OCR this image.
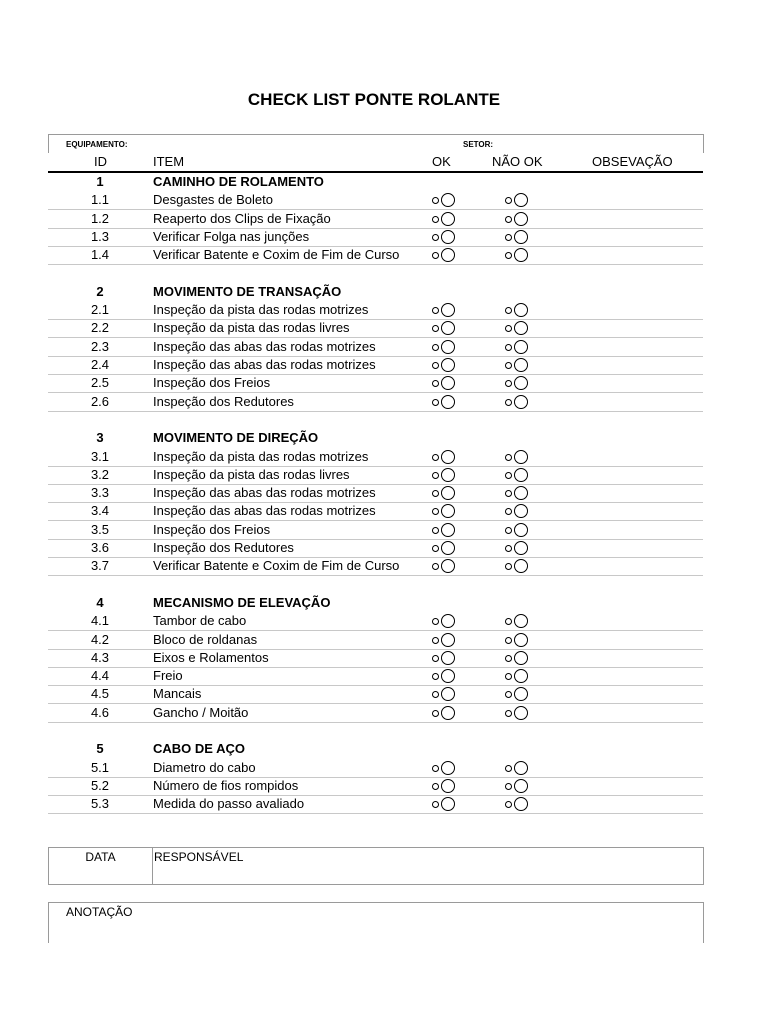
CHECK LIST PONTE ROLANTE
EQUIPAMENTO:	SETOR:
ID	ITEM	OK	NÃO OK	OBSEVAÇÃO
1	CAMINHO DE ROLAMENTO
1.1	Desgastes de Boleto
1.2	Reaperto dos Clips de Fixação
1.3	Verificar Folga nas junções
1.4	Verificar Batente e Coxim de Fim de Curso
2	MOVIMENTO DE TRANSAÇÃO
2.1	Inspeção da pista das rodas motrizes
2.2	Inspeção da pista das rodas livres
2.3	Inspeção das abas das rodas motrizes
2.4	Inspeção das abas das rodas motrizes
2.5	Inspeção dos Freios
2.6	Inspeção dos Redutores
3	MOVIMENTO DE DIREÇÃO
3.1	Inspeção da pista das rodas motrizes
3.2	Inspeção da pista das rodas livres
3.3	Inspeção das abas das rodas motrizes
3.4	Inspeção das abas das rodas motrizes
3.5	Inspeção dos Freios
3.6	Inspeção dos Redutores
3.7	Verificar Batente e Coxim de Fim de Curso
4	MECANISMO DE ELEVAÇÃO
4.1	Tambor de cabo
4.2	Bloco de roldanas
4.3	Eixos e Rolamentos
4.4	Freio
4.5	Mancais
4.6	Gancho / Moitão
5	CABO DE AÇO
5.1	Diametro do cabo
5.2	Número de fios rompidos
5.3	Medida do passo avaliado
DATA	RESPONSÁVEL
ANOTAÇÃO
